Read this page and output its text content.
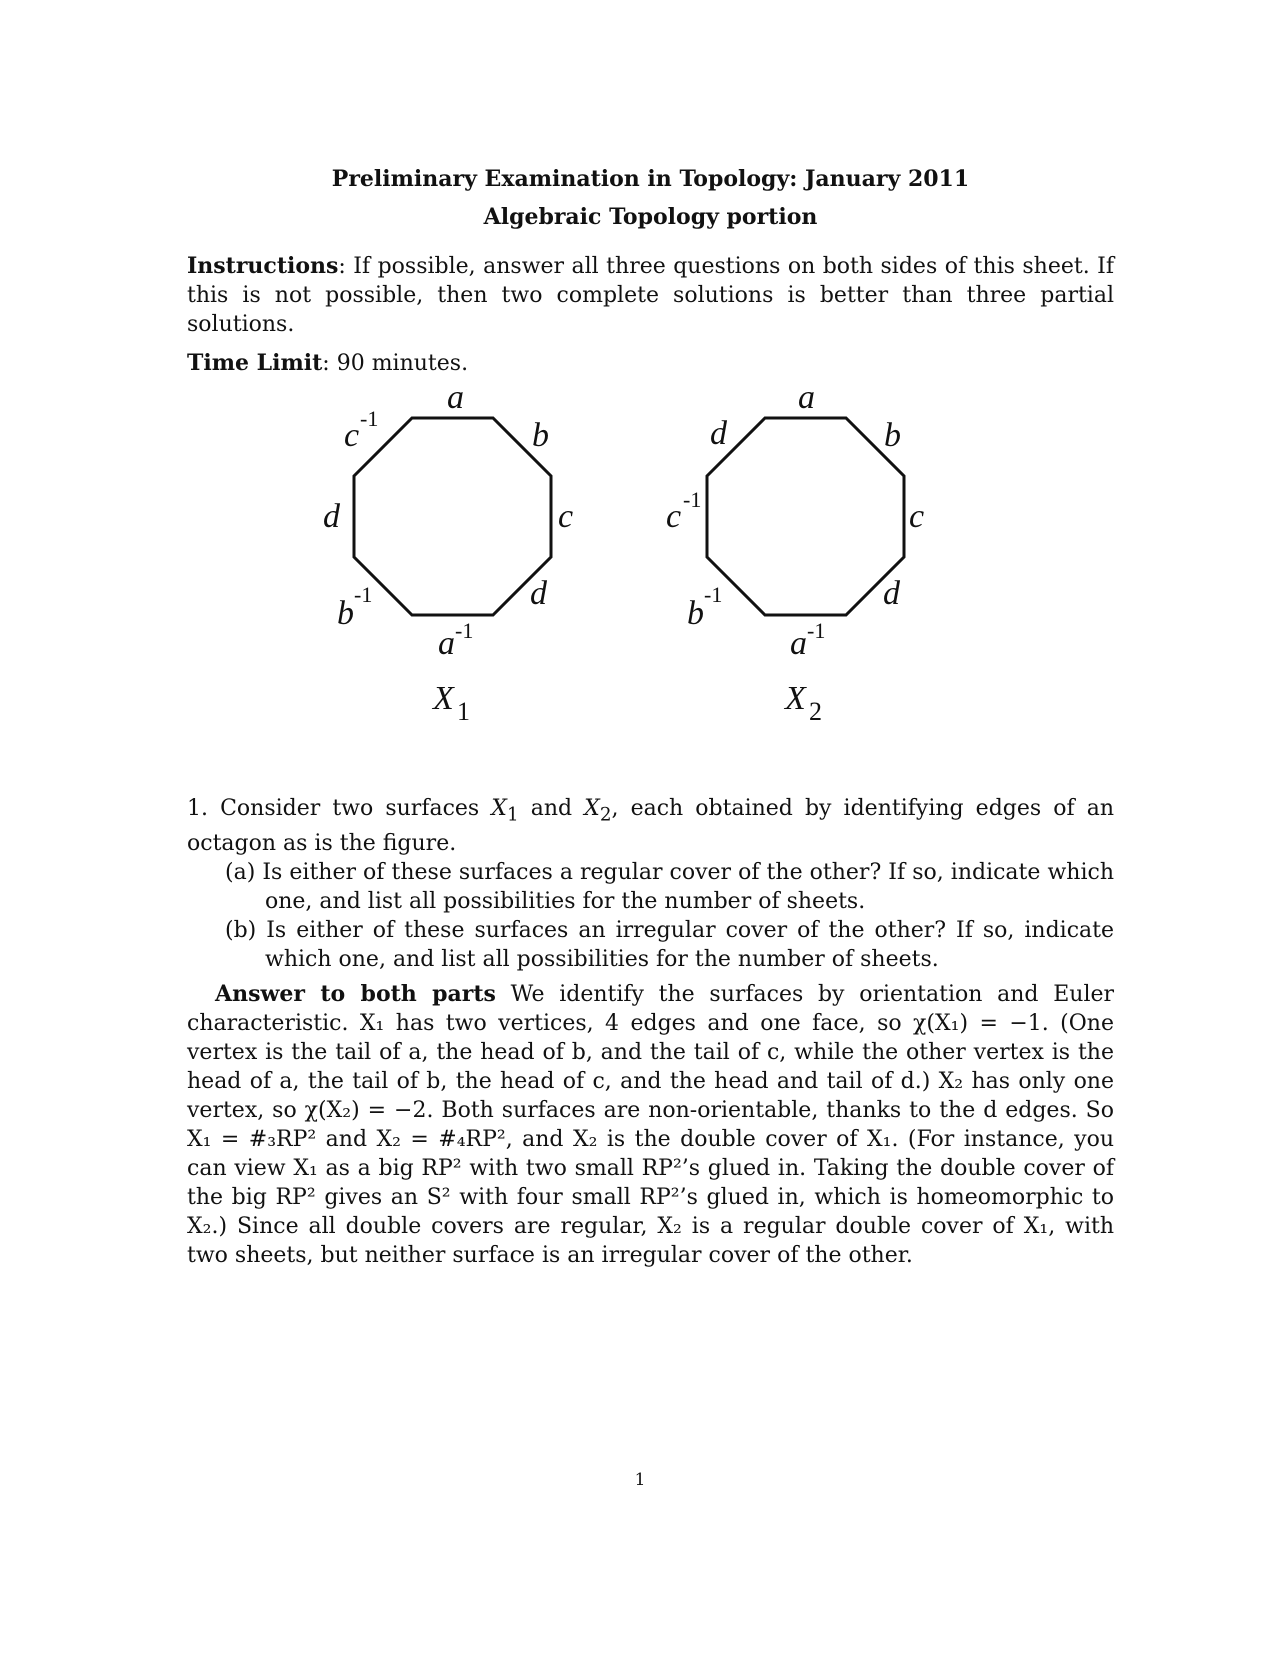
Preliminary Examination in Topology: January 2011
Algebraic Topology portion

Instructions: If possible, answer all three questions on both sides of this sheet. If this is not possible, then two complete solutions is better than three partial solutions.

Time Limit: 90 minutes.

a
b
c
d
a -1
b
-1
d
c -1
X 1
a
b
c
d
a -1
b
-1
c -1
d
X 2

1. Consider two surfaces $X_1$ and $X_2$, each obtained by identifying edges of an octagon as is the figure.

(a) Is either of these surfaces a regular cover of the other? If so, indicate which one, and list all possibilities for the number of sheets.

(b) Is either of these surfaces an irregular cover of the other? If so, indicate which one, and list all possibilities for the number of sheets.

Answer to both parts We identify the surfaces by orientation and Euler characteristic. X₁ has two vertices, 4 edges and one face, so χ(X₁) = −1. (One vertex is the tail of a, the head of b, and the tail of c, while the other vertex is the head of a, the tail of b, the head of c, and the head and tail of d.) X₂ has only one vertex, so χ(X₂) = −2. Both surfaces are non-orientable, thanks to the d edges. So X₁ = #₃RP² and X₂ = #₄RP², and X₂ is the double cover of X₁. (For instance, you can view X₁ as a big RP² with two small RP²’s glued in. Taking the double cover of the big RP² gives an S² with four small RP²’s glued in, which is homeomorphic to X₂.) Since all double covers are regular, X₂ is a regular double cover of X₁, with two sheets, but neither surface is an irregular cover of the other.

1
